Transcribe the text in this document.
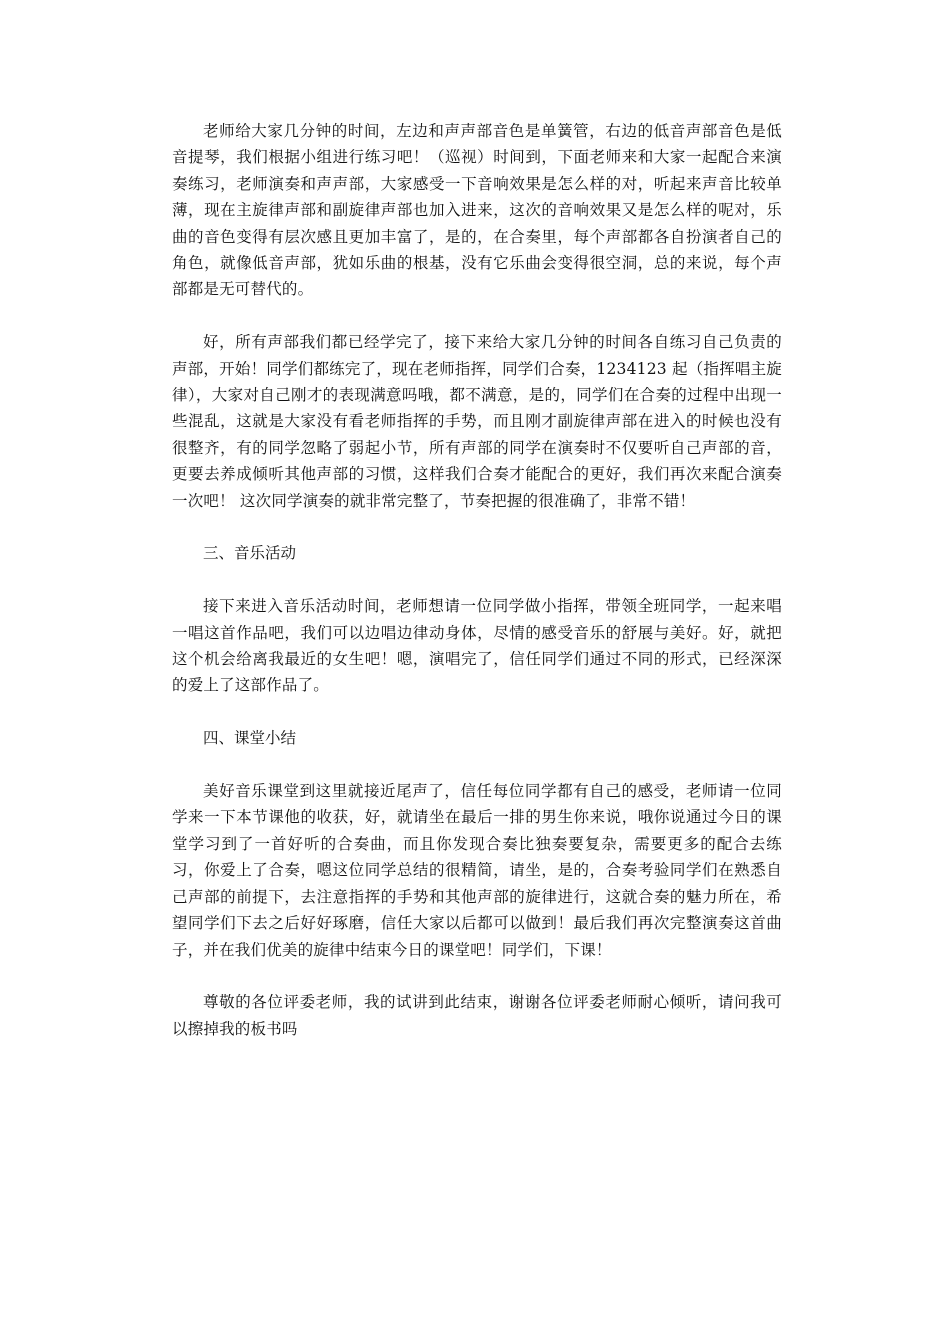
老师给大家几分钟的时间，左边和声声部音色是单簧管，右边的低音声部音色是低音提琴，我们根据小组进行练习吧！（巡视）时间到，下面老师来和大家一起配合来演奏练习，老师演奏和声声部，大家感受一下音响效果是怎么样的对，听起来声音比较单薄，现在主旋律声部和副旋律声部也加入进来，这次的音响效果又是怎么样的呢对，乐曲的音色变得有层次感且更加丰富了，是的，在合奏里，每个声部都各自扮演者自己的角色，就像低音声部，犹如乐曲的根基，没有它乐曲会变得很空洞，总的来说，每个声部都是无可替代的。

好，所有声部我们都已经学完了，接下来给大家几分钟的时间各自练习自己负责的声部，开始！同学们都练完了，现在老师指挥，同学们合奏，1234123 起（指挥唱主旋律），大家对自己刚才的表现满意吗哦，都不满意，是的，同学们在合奏的过程中出现一些混乱，这就是大家没有看老师指挥的手势，而且刚才副旋律声部在进入的时候也没有很整齐，有的同学忽略了弱起小节，所有声部的同学在演奏时不仅要听自己声部的音，更要去养成倾听其他声部的习惯，这样我们合奏才能配合的更好，我们再次来配合演奏一次吧！ 这次同学演奏的就非常完整了，节奏把握的很准确了，非常不错！

三、音乐活动

接下来进入音乐活动时间，老师想请一位同学做小指挥，带领全班同学，一起来唱一唱这首作品吧，我们可以边唱边律动身体，尽情的感受音乐的舒展与美好。好，就把这个机会给离我最近的女生吧！嗯，演唱完了，信任同学们通过不同的形式，已经深深的爱上了这部作品了。

四、课堂小结

美好音乐课堂到这里就接近尾声了，信任每位同学都有自己的感受，老师请一位同学来一下本节课他的收获，好，就请坐在最后一排的男生你来说，哦你说通过今日的课堂学习到了一首好听的合奏曲，而且你发现合奏比独奏要复杂，需要更多的配合去练习，你爱上了合奏，嗯这位同学总结的很精简，请坐，是的，合奏考验同学们在熟悉自己声部的前提下，去注意指挥的手势和其他声部的旋律进行，这就合奏的魅力所在，希望同学们下去之后好好琢磨，信任大家以后都可以做到！最后我们再次完整演奏这首曲子，并在我们优美的旋律中结束今日的课堂吧！同学们，下课！

尊敬的各位评委老师，我的试讲到此结束，谢谢各位评委老师耐心倾听，请问我可以擦掉我的板书吗
